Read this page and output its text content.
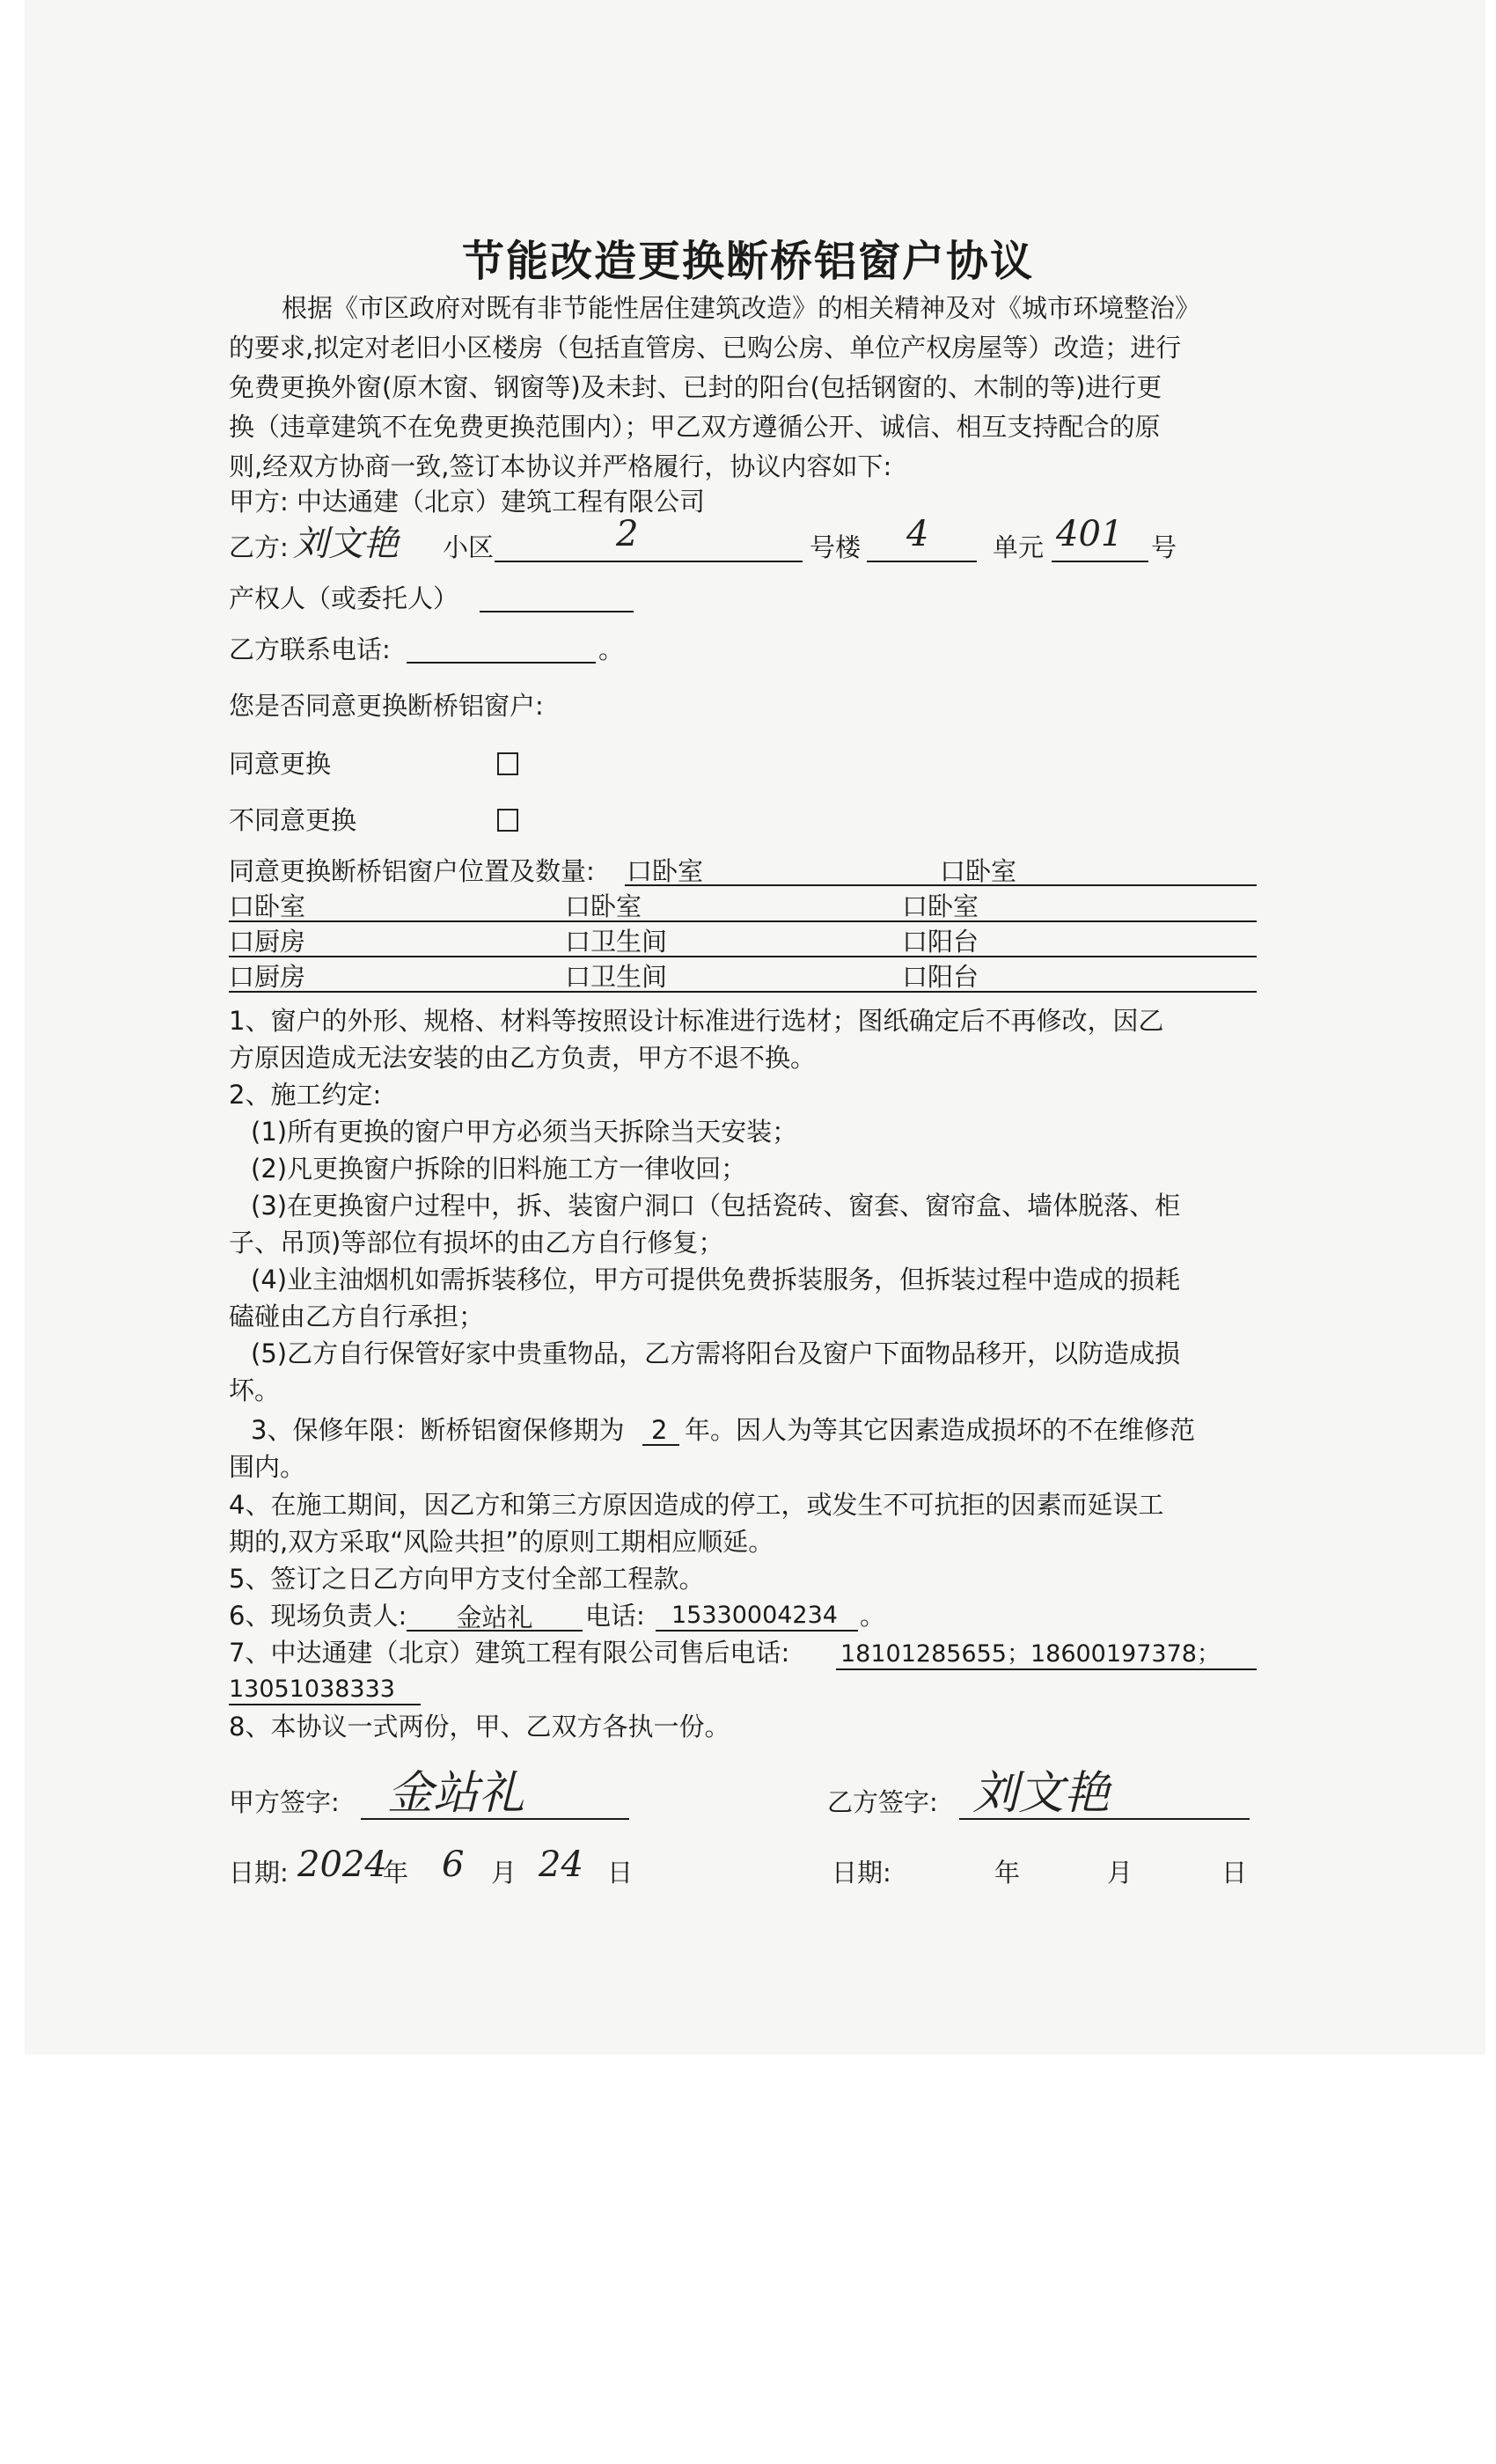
节能改造更换断桥铝窗户协议
根据《市区政府对既有非节能性居住建筑改造》的相关精神及对《城市环境整治》
的要求,拟定对老旧小区楼房（包括直管房、已购公房、单位产权房屋等）改造；进行
免费更换外窗(原木窗、钢窗等)及未封、已封的阳台(包括钢窗的、木制的等)进行更
换（违章建筑不在免费更换范围内）；甲乙双方遵循公开、诚信、相互支持配合的原
则,经双方协商一致,签订本协议并严格履行，协议内容如下:
甲方: 中达通建（北京）建筑工程有限公司
乙方: 刘文艳 小区	2	号楼 4	单元 401 号
产权人（或委托人）
乙方联系电话:	。
您是否同意更换断桥铝窗户:
同意更换
不同意更换
同意更换断桥铝窗户位置及数量: 口卧室	口卧室
口卧室	口卧室	口卧室
口厨房	口卫生间	口阳台
口厨房	口卫生间	口阳台
1、窗户的外形、规格、材料等按照设计标准进行选材；图纸确定后不再修改，因乙
方原因造成无法安装的由乙方负责，甲方不退不换。
2、施工约定:
(1)所有更换的窗户甲方必须当天拆除当天安装；
(2)凡更换窗户拆除的旧料施工方一律收回；
(3)在更换窗户过程中，拆、装窗户洞口（包括瓷砖、窗套、窗帘盒、墙体脱落、柜
子、吊顶)等部位有损坏的由乙方自行修复；
(4)业主油烟机如需拆装移位，甲方可提供免费拆装服务，但拆装过程中造成的损耗
磕碰由乙方自行承担；
(5)乙方自行保管好家中贵重物品，乙方需将阳台及窗户下面物品移开，以防造成损
坏。
3、保修年限：断桥铝窗保修期为 2 年。因人为等其它因素造成损坏的不在维修范
围内。
4、在施工期间，因乙方和第三方原因造成的停工，或发生不可抗拒的因素而延误工
期的,双方采取“风险共担”的原则工期相应顺延。
5、签订之日乙方向甲方支付全部工程款。
6、现场负责人:	金站礼	电话: 15330004234 。
7、中达通建（北京）建筑工程有限公司售后电话: 18101285655；18600197378；
13051038333
8、本协议一式两份，甲、乙双方各执一份。
甲方签字: 金站礼	乙方签字: 刘文艳
日期: 2024
年 6 月 24 日	日期:	年	月	日
